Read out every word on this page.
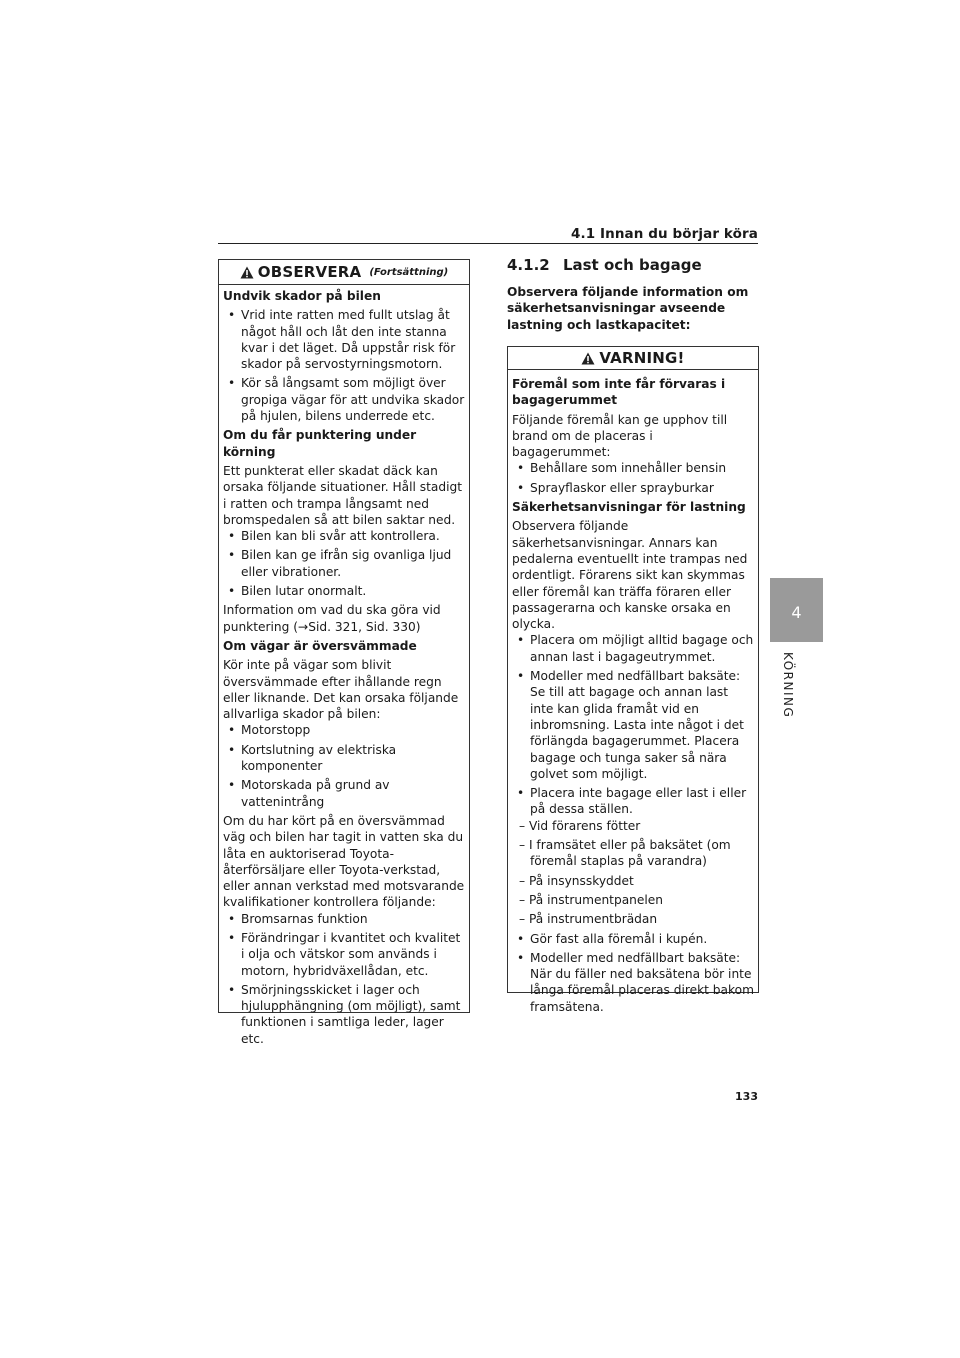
4.1 Innan du börjar köra
4
KÖRNING
OBSERVERA (Fortsättning)

Undvik skador på bilen

• Vrid inte ratten med fullt utslag åt något håll och låt den inte stanna kvar i det läget. Då uppstår risk för skador på servostyrningsmotorn.

• Kör så långsamt som möjligt över gropiga vägar för att undvika skador på hjulen, bilens underrede etc.

Om du får punktering under körning

Ett punkterat eller skadat däck kan orsaka följande situationer. Håll stadigt i ratten och trampa långsamt ned bromspedalen så att bilen saktar ned.

• Bilen kan bli svår att kontrollera.

• Bilen kan ge ifrån sig ovanliga ljud eller vibrationer.

• Bilen lutar onormalt.

Information om vad du ska göra vid punktering (→Sid. 321, Sid. 330)

Om vägar är översvämmade

Kör inte på vägar som blivit översvämmade efter ihållande regn eller liknande. Det kan orsaka följande allvarliga skador på bilen:

• Motorstopp

• Kortslutning av elektriska komponenter

• Motorskada på grund av vattenintrång

Om du har kört på en översvämmad väg och bilen har tagit in vatten ska du låta en auktoriserad Toyota-återförsäljare eller Toyota-verkstad, eller annan verkstad med motsvarande kvalifikationer kontrollera följande:

• Bromsarnas funktion

• Förändringar i kvantitet och kvalitet i olja och vätskor som används i motorn, hybridväxellådan, etc.

• Smörjningsskicket i lager och hjulupphängning (om möjligt), samt funktionen i samtliga leder, lager etc.

4.1.2 Last och bagage
Observera följande information om säkerhetsanvisningar avseende lastning och lastkapacitet:
VARNING!

Föremål som inte får förvaras i bagagerummet

Följande föremål kan ge upphov till brand om de placeras i bagagerummet:

• Behållare som innehåller bensin

• Sprayflaskor eller sprayburkar

Säkerhetsanvisningar för lastning

Observera följande säkerhetsanvisningar. Annars kan pedalerna eventuellt inte trampas ned ordentligt. Förarens sikt kan skymmas eller föremål kan träffa föraren eller passagerarna och kanske orsaka en olycka.

• Placera om möjligt alltid bagage och annan last i bagageutrymmet.

• Modeller med nedfällbart baksäte: Se till att bagage och annan last inte kan glida framåt vid en inbromsning. Lasta inte något i det förlängda bagagerummet. Placera bagage och tunga saker så nära golvet som möjligt.

• Placera inte bagage eller last i eller på dessa ställen.

– Vid förarens fötter

– I framsätet eller på baksätet (om föremål staplas på varandra)

– På insynsskyddet

– På instrumentpanelen

– På instrumentbrädan

• Gör fast alla föremål i kupén.

• Modeller med nedfällbart baksäte: När du fäller ned baksätena bör inte långa föremål placeras direkt bakom framsätena.

133
